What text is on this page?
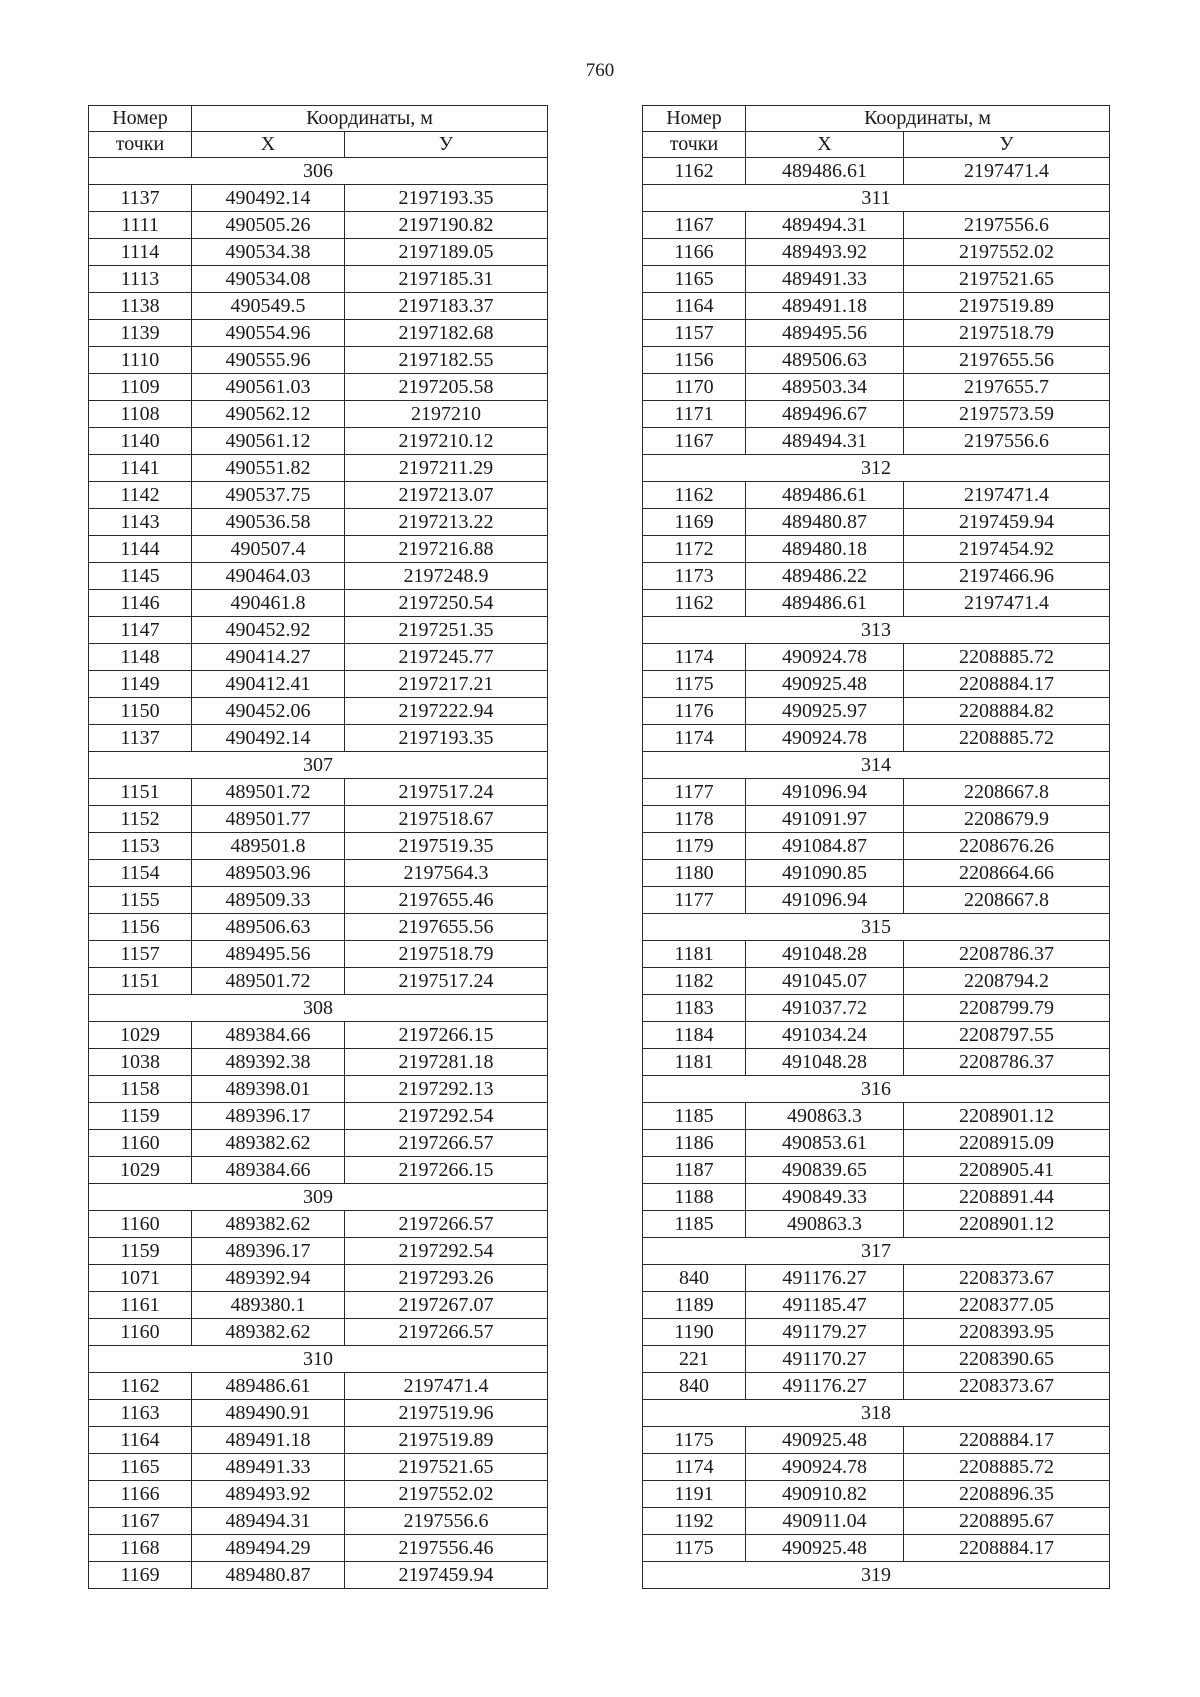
760
Номер	Координаты, м	
точки	X	У
306		
1137	490492.14	2197193.35
1111	490505.26	2197190.82
1114	490534.38	2197189.05
1113	490534.08	2197185.31
1138	490549.5	2197183.37
1139	490554.96	2197182.68
1110	490555.96	2197182.55
1109	490561.03	2197205.58
1108	490562.12	2197210
1140	490561.12	2197210.12
1141	490551.82	2197211.29
1142	490537.75	2197213.07
1143	490536.58	2197213.22
1144	490507.4	2197216.88
1145	490464.03	2197248.9
1146	490461.8	2197250.54
1147	490452.92	2197251.35
1148	490414.27	2197245.77
1149	490412.41	2197217.21
1150	490452.06	2197222.94
1137	490492.14	2197193.35
307		
1151	489501.72	2197517.24
1152	489501.77	2197518.67
1153	489501.8	2197519.35
1154	489503.96	2197564.3
1155	489509.33	2197655.46
1156	489506.63	2197655.56
1157	489495.56	2197518.79
1151	489501.72	2197517.24
308		
1029	489384.66	2197266.15
1038	489392.38	2197281.18
1158	489398.01	2197292.13
1159	489396.17	2197292.54
1160	489382.62	2197266.57
1029	489384.66	2197266.15
309		
1160	489382.62	2197266.57
1159	489396.17	2197292.54
1071	489392.94	2197293.26
1161	489380.1	2197267.07
1160	489382.62	2197266.57
310		
1162	489486.61	2197471.4
1163	489490.91	2197519.96
1164	489491.18	2197519.89
1165	489491.33	2197521.65
1166	489493.92	2197552.02
1167	489494.31	2197556.6
1168	489494.29	2197556.46
1169	489480.87	2197459.94
Номер	Координаты, м	
точки	X	У
1162	489486.61	2197471.4
311		
1167	489494.31	2197556.6
1166	489493.92	2197552.02
1165	489491.33	2197521.65
1164	489491.18	2197519.89
1157	489495.56	2197518.79
1156	489506.63	2197655.56
1170	489503.34	2197655.7
1171	489496.67	2197573.59
1167	489494.31	2197556.6
312		
1162	489486.61	2197471.4
1169	489480.87	2197459.94
1172	489480.18	2197454.92
1173	489486.22	2197466.96
1162	489486.61	2197471.4
313		
1174	490924.78	2208885.72
1175	490925.48	2208884.17
1176	490925.97	2208884.82
1174	490924.78	2208885.72
314		
1177	491096.94	2208667.8
1178	491091.97	2208679.9
1179	491084.87	2208676.26
1180	491090.85	2208664.66
1177	491096.94	2208667.8
315		
1181	491048.28	2208786.37
1182	491045.07	2208794.2
1183	491037.72	2208799.79
1184	491034.24	2208797.55
1181	491048.28	2208786.37
316		
1185	490863.3	2208901.12
1186	490853.61	2208915.09
1187	490839.65	2208905.41
1188	490849.33	2208891.44
1185	490863.3	2208901.12
317		
840	491176.27	2208373.67
1189	491185.47	2208377.05
1190	491179.27	2208393.95
221	491170.27	2208390.65
840	491176.27	2208373.67
318		
1175	490925.48	2208884.17
1174	490924.78	2208885.72
1191	490910.82	2208896.35
1192	490911.04	2208895.67
1175	490925.48	2208884.17
319		
